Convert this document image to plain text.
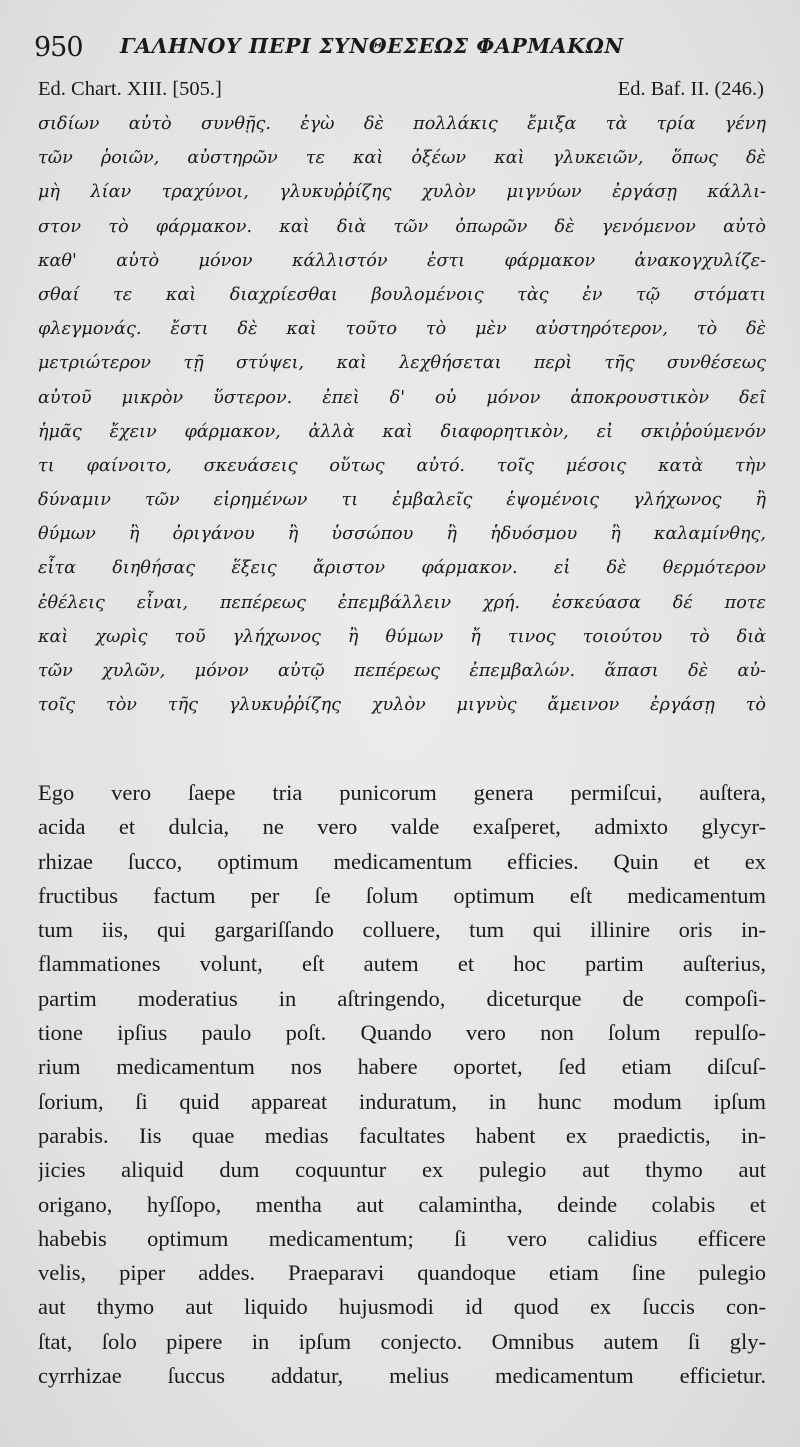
950 ΓΑΛΗΝΟΥ ΠΕΡΙ ΣΥΝΘΕΣΕΩΣ ΦΑΡΜΑΚΩΝ
Ed. Chart. XIII. [505.]	Ed. Baf. II. (246.)
σιδίων αὐτὸ συνθῇς. ἐγὼ δὲ πολλάκις ἔμιξα τὰ τρία γένη
τῶν ῥοιῶν, αὐστηρῶν τε καὶ ὀξέων καὶ γλυκειῶν, ὅπως δὲ
μὴ λίαν τραχύνοι, γλυκυῤῥίζης χυλὸν μιγνύων ἐργάσῃ κάλλι-
στον τὸ φάρμακον. καὶ διὰ τῶν ὀπωρῶν δὲ γενόμενον αὐτὸ
καθ' αὑτὸ μόνον κάλλιστόν ἐστι φάρμακον ἀνακογχυλίζε-
σθαί τε καὶ διαχρίεσθαι βουλομένοις τὰς ἐν τῷ στόματι
φλεγμονάς. ἔστι δὲ καὶ τοῦτο τὸ μὲν αὐστηρότερον, τὸ δὲ
μετριώτερον τῇ στύψει, καὶ λεχθήσεται περὶ τῆς συνθέσεως
αὐτοῦ μικρὸν ὕστερον. ἐπεὶ δ' οὐ μόνον ἀποκρουστικὸν δεῖ
ἡμᾶς ἔχειν φάρμακον, ἀλλὰ καὶ διαφορητικὸν, εἰ σκιῤῥούμενόν
τι φαίνοιτο, σκευάσεις οὕτως αὐτό. τοῖς μέσοις κατὰ τὴν
δύναμιν τῶν εἰρημένων τι ἐμβαλεῖς ἑψομένοις γλήχωνος ἢ
θύμων ἢ ὀριγάνου ἢ ὑσσώπου ἢ ἡδυόσμου ἢ καλαμίνθης,
εἶτα διηθήσας ἕξεις ἄριστον φάρμακον. εἰ δὲ θερμότερον
ἐθέλεις εἶναι, πεπέρεως ἐπεμβάλλειν χρή. ἐσκεύασα δέ ποτε
καὶ χωρὶς τοῦ γλήχωνος ἢ θύμων ἤ τινος τοιούτου τὸ διὰ
τῶν χυλῶν, μόνον αὐτῷ πεπέρεως ἐπεμβαλών. ἅπασι δὲ αὐ-
τοῖς τὸν τῆς γλυκυῤῥίζης χυλὸν μιγνὺς ἄμεινον ἐργάσῃ τὸ
Ego vero ſaepe tria punicorum genera permiſcui, auſtera,
acida et dulcia, ne vero valde exaſperet, admixto glycyr-
rhizae ſucco, optimum medicamentum efficies. Quin et ex
fructibus factum per ſe ſolum optimum eſt medicamentum
tum iis, qui gargariſſando colluere, tum qui illinire oris in-
flammationes volunt, eſt autem et hoc partim auſterius,
partim moderatius in aſtringendo, diceturque de compoſi-
tione ipſius paulo poſt. Quando vero non ſolum repulſo-
rium medicamentum nos habere oportet, ſed etiam diſcuſ-
ſorium, ſi quid appareat induratum, in hunc modum ipſum
parabis. Iis quae medias facultates habent ex praedictis, in-
jicies aliquid dum coquuntur ex pulegio aut thymo aut
origano, hyſſopo, mentha aut calamintha, deinde colabis et
habebis optimum medicamentum; ſi vero calidius efficere
velis, piper addes. Praeparavi quandoque etiam ſine pulegio
aut thymo aut liquido hujusmodi id quod ex ſuccis con-
ſtat, ſolo pipere in ipſum conjecto. Omnibus autem ſi gly-
cyrrhizae ſuccus addatur, melius medicamentum efficietur.
